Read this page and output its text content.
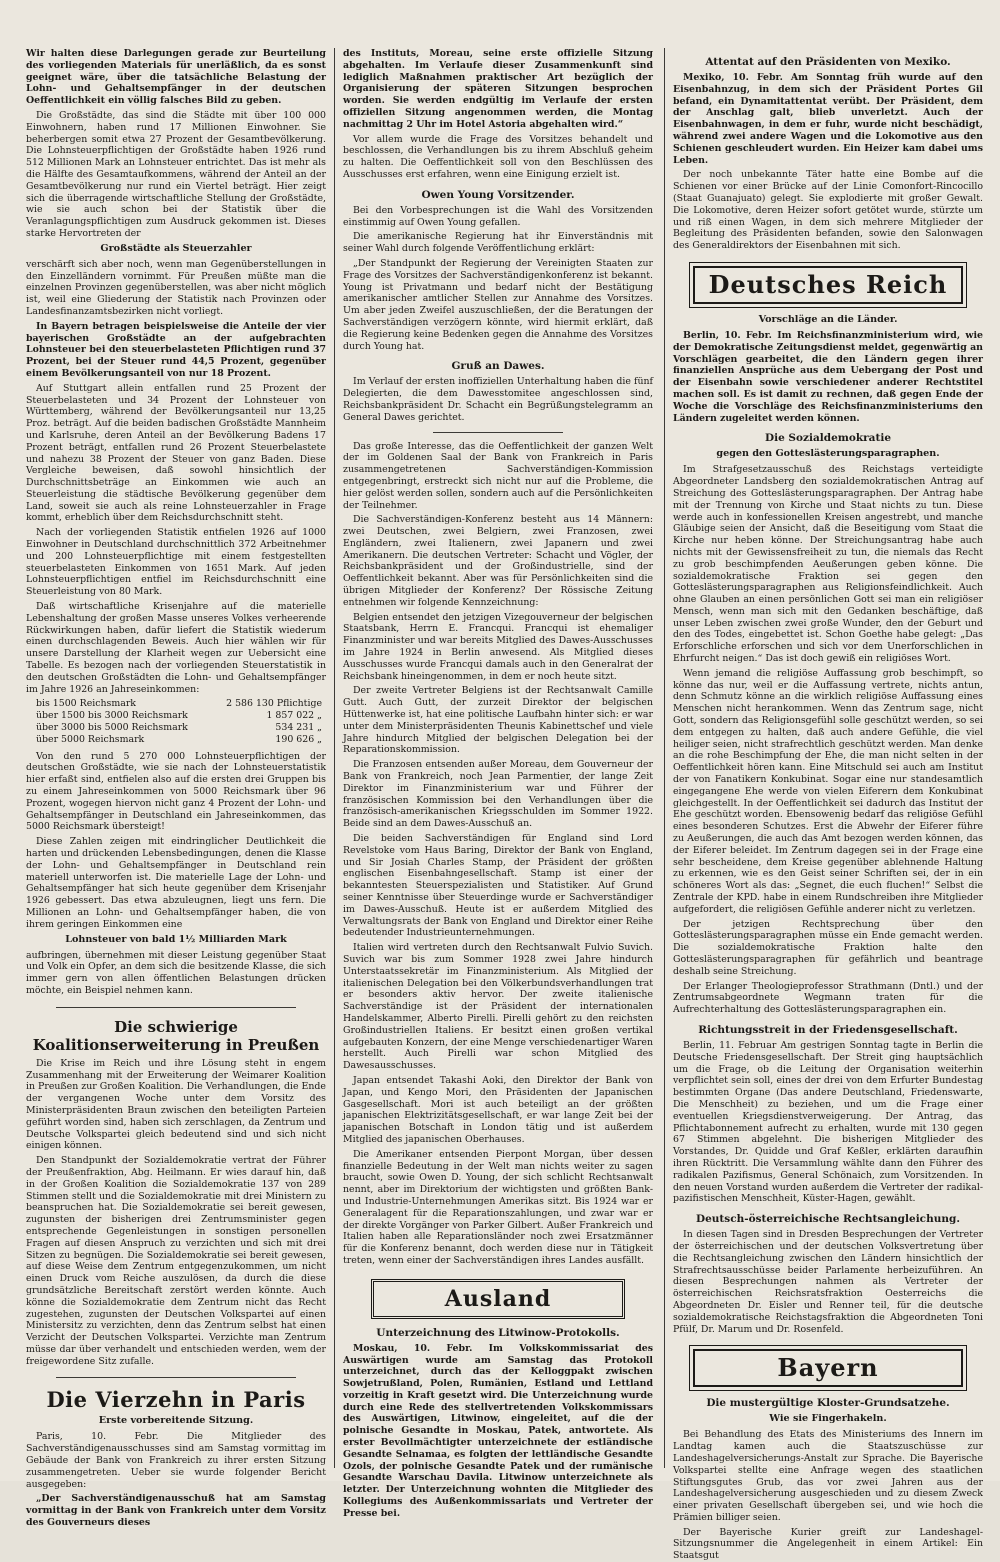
Wir halten diese Darlegungen gerade zur Beurteilung des vorliegenden Materials für unerläßlich, da es sonst geeignet wäre, über die tatsächliche Belastung der Lohn- und Gehaltsempfänger in der deutschen Oeffentlichkeit ein völlig falsches Bild zu geben.

Die Großstädte, das sind die Städte mit über 100 000 Einwohnern, haben rund 17 Millionen Einwohner. Sie beherbergen somit etwa 27 Prozent der Gesamtbevölkerung. Die Lohnsteuerpflichtigen der Großstädte haben 1926 rund 512 Millionen Mark an Lohnsteuer entrichtet. Das ist mehr als die Hälfte des Gesamtaufkommens, während der Anteil an der Gesamtbevölkerung nur rund ein Viertel beträgt. Hier zeigt sich die überragende wirtschaftliche Stellung der Großstädte, wie sie auch schon bei der Statistik über die Veranlagungspflichtigen zum Ausdruck gekommen ist. Dieses starke Hervortreten der

Großstädte als Steuerzahler

verschärft sich aber noch, wenn man Gegenüberstellungen in den Einzelländern vornimmt. Für Preußen müßte man die einzelnen Provinzen gegenüberstellen, was aber nicht möglich ist, weil eine Gliederung der Statistik nach Provinzen oder Landesfinanzamtsbezirken nicht vorliegt.

In Bayern betragen beispielsweise die Anteile der vier bayerischen Großstädte an der aufgebrachten Lohnsteuer bei den steuerbelasteten Pflichtigen rund 37 Prozent, bei der Steuer rund 44,5 Prozent, gegenüber einem Bevölkerungsanteil von nur 18 Prozent.

Auf Stuttgart allein entfallen rund 25 Prozent der Steuerbelasteten und 34 Prozent der Lohnsteuer von Württemberg, während der Bevölkerungsanteil nur 13,25 Proz. beträgt. Auf die beiden badischen Großstädte Mannheim und Karlsruhe, deren Anteil an der Bevölkerung Badens 17 Prozent beträgt, entfallen rund 26 Prozent Steuerbelastete und nahezu 38 Prozent der Steuer von ganz Baden. Diese Vergleiche beweisen, daß sowohl hinsichtlich der Durchschnittsbeträge an Einkommen wie auch an Steuerleistung die städtische Bevölkerung gegenüber dem Land, soweit sie auch als reine Lohnsteuerzahler in Frage kommt, erheblich über dem Reichsdurchschnitt steht.

Nach der vorliegenden Statistik entfielen 1926 auf 1000 Einwohner in Deutschland durchschnittlich 372 Arbeitnehmer und 200 Lohnsteuerpflichtige mit einem festgestellten steuerbelasteten Einkommen von 1651 Mark. Auf jeden Lohnsteuerpflichtigen entfiel im Reichsdurchschnitt eine Steuerleistung von 80 Mark.

Daß wirtschaftliche Krisenjahre auf die materielle Lebenshaltung der großen Masse unseres Volkes verheerende Rückwirkungen haben, dafür liefert die Statistik wiederum einen durchschlagenden Beweis. Auch hier wählen wir für unsere Darstellung der Klarheit wegen zur Uebersicht eine Tabelle. Es bezogen nach der vorliegenden Steuerstatistik in den deutschen Großstädten die Lohn- und Gehaltsempfänger im Jahre 1926 an Jahreseinkommen:

bis 1500 Reichsmark	2 586 130 Pflichtige
über 1500 bis 3000 Reichsmark	1 857 022 „
über 3000 bis 5000 Reichsmark	534 231 „
über 5000 Reichsmark	190 626 „

Von den rund 5 270 000 Lohnsteuerpflichtigen der deutschen Großstädte, wie sie nach der Lohnsteuerstatistik hier erfaßt sind, entfielen also auf die ersten drei Gruppen bis zu einem Jahreseinkommen von 5000 Reichsmark über 96 Prozent, wogegen hiervon nicht ganz 4 Prozent der Lohn- und Gehaltsempfänger in Deutschland ein Jahreseinkommen, das 5000 Reichsmark übersteigt!

Diese Zahlen zeigen mit eindringlicher Deutlichkeit die harten und drückenden Lebensbedingungen, denen die Klasse der Lohn- und Gehaltsempfänger in Deutschland rein materiell unterworfen ist. Die materielle Lage der Lohn- und Gehaltsempfänger hat sich heute gegenüber dem Krisenjahr 1926 gebessert. Das etwa abzuleugnen, liegt uns fern. Die Millionen an Lohn- und Gehaltsempfänger haben, die von ihrem geringen Einkommen eine

Lohnsteuer von bald 1½ Milliarden Mark

aufbringen, übernehmen mit dieser Leistung gegenüber Staat und Volk ein Opfer, an dem sich die besitzende Klasse, die sich immer gern von allen öffentlichen Belastungen drücken möchte, ein Beispiel nehmen kann.

Die schwierige Koalitionserweiterung in Preußen

Die Krise im Reich und ihre Lösung steht in engem Zusammenhang mit der Erweiterung der Weimarer Koalition in Preußen zur Großen Koalition. Die Verhandlungen, die Ende der vergangenen Woche unter dem Vorsitz des Ministerpräsidenten Braun zwischen den beteiligten Parteien geführt worden sind, haben sich zerschlagen, da Zentrum und Deutsche Volkspartei gleich bedeutend sind und sich nicht einigen können.

Den Standpunkt der Sozialdemokratie vertrat der Führer der Preußenfraktion, Abg. Heilmann. Er wies darauf hin, daß in der Großen Koalition die Sozialdemokratie 137 von 289 Stimmen stellt und die Sozialdemokratie mit drei Ministern zu beanspruchen hat. Die Sozialdemokratie sei bereit gewesen, zugunsten der bisherigen drei Zentrumsminister gegen entsprechende Gegenleistungen in sonstigen personellen Fragen auf diesen Anspruch zu verzichten und sich mit drei Sitzen zu begnügen. Die Sozialdemokratie sei bereit gewesen, auf diese Weise dem Zentrum entgegenzukommen, um nicht einen Druck vom Reiche auszulösen, da durch die diese grundsätzliche Bereitschaft zerstört werden könnte. Auch könne die Sozialdemokratie dem Zentrum nicht das Recht zugestehen, zugunsten der Deutschen Volkspartei auf einen Ministersitz zu verzichten, denn das Zentrum selbst hat einen Verzicht der Deutschen Volkspartei. Verzichte man Zentrum müsse dar über verhandelt und entschieden werden, wem der freigewordene Sitz zufalle.

Die Vierzehn in Paris
Erste vorbereitende Sitzung.

Paris, 10. Febr. Die Mitglieder des Sachverständigenausschusses sind am Samstag vormittag im Gebäude der Bank von Frankreich zu ihrer ersten Sitzung zusammengetreten. Ueber sie wurde folgender Bericht ausgegeben:

„Der Sachverständigenausschuß hat am Samstag vormittag in der Bank von Frankreich unter dem Vorsitz des Gouverneurs dieses

des Instituts, Moreau, seine erste offizielle Sitzung abgehalten. Im Verlaufe dieser Zusammenkunft sind lediglich Maßnahmen praktischer Art bezüglich der Organisierung der späteren Sitzungen besprochen worden. Sie werden endgültig im Verlaufe der ersten offiziellen Sitzung angenommen werden, die Montag nachmittag 2 Uhr im Hotel Astoria abgehalten wird.“

Vor allem wurde die Frage des Vorsitzes behandelt und beschlossen, die Verhandlungen bis zu ihrem Abschluß geheim zu halten. Die Oeffentlichkeit soll von den Beschlüssen des Ausschusses erst erfahren, wenn eine Einigung erzielt ist.

Owen Young Vorsitzender.

Bei den Vorbesprechungen ist die Wahl des Vorsitzenden einstimmig auf Owen Young gefallen.

Die amerikanische Regierung hat ihr Einverständnis mit seiner Wahl durch folgende Veröffentlichung erklärt:

„Der Standpunkt der Regierung der Vereinigten Staaten zur Frage des Vorsitzes der Sachverständigenkonferenz ist bekannt. Young ist Privatmann und bedarf nicht der Bestätigung amerikanischer amtlicher Stellen zur Annahme des Vorsitzes. Um aber jeden Zweifel auszuschließen, der die Beratungen der Sachverständigen verzögern könnte, wird hiermit erklärt, daß die Regierung keine Bedenken gegen die Annahme des Vorsitzes durch Young hat.

Gruß an Dawes.

Im Verlauf der ersten inoffiziellen Unterhaltung haben die fünf Delegierten, die dem Dawesstomitee angeschlossen sind, Reichsbankpräsident Dr. Schacht ein Begrüßungstelegramm an General Dawes gerichtet.

Das große Interesse, das die Oeffentlichkeit der ganzen Welt der im Goldenen Saal der Bank von Frankreich in Paris zusammengetretenen Sachverständigen-Kommission entgegenbringt, erstreckt sich nicht nur auf die Probleme, die hier gelöst werden sollen, sondern auch auf die Persönlichkeiten der Teilnehmer.

Die Sachverständigen-Konferenz besteht aus 14 Männern: zwei Deutschen, zwei Belgiern, zwei Franzosen, zwei Engländern, zwei Italienern, zwei Japanern und zwei Amerikanern. Die deutschen Vertreter: Schacht und Vögler, der Reichsbankpräsident und der Großindustrielle, sind der Oeffentlichkeit bekannt. Aber was für Persönlichkeiten sind die übrigen Mitglieder der Konferenz? Der Rössische Zeitung entnehmen wir folgende Kennzeichnung:

Belgien entsendet den jetzigen Vizegouverneur der belgischen Staatsbank, Herrn E. Francqui. Francqui ist ehemaliger Finanzminister und war bereits Mitglied des Dawes-Ausschusses im Jahre 1924 in Berlin anwesend. Als Mitglied dieses Ausschusses wurde Francqui damals auch in den Generalrat der Reichsbank hineingenommen, in dem er noch heute sitzt.

Der zweite Vertreter Belgiens ist der Rechtsanwalt Camille Gutt. Auch Gutt, der zurzeit Direktor der belgischen Hüttenwerke ist, hat eine politische Laufbahn hinter sich: er war unter dem Ministerpräsidenten Theunis Kabinettschef und viele Jahre hindurch Mitglied der belgischen Delegation bei der Reparationskommission.

Die Franzosen entsenden außer Moreau, dem Gouverneur der Bank von Frankreich, noch Jean Parmentier, der lange Zeit Direktor im Finanzministerium war und Führer der französischen Kommission bei den Verhandlungen über die französisch-amerikanischen Kriegsschulden im Sommer 1922. Beide sind an dem Dawes-Ausschuß an.

Die beiden Sachverständigen für England sind Lord Revelstoke vom Haus Baring, Direktor der Bank von England, und Sir Josiah Charles Stamp, der Präsident der größten englischen Eisenbahngesellschaft. Stamp ist einer der bekanntesten Steuerspezialisten und Statistiker. Auf Grund seiner Kenntnisse über Steuerdinge wurde er Sachverständiger im Dawes-Ausschuß. Heute ist er außerdem Mitglied des Verwaltungsrats der Bank von England und Direktor einer Reihe bedeutender Industrieunternehmungen.

Italien wird vertreten durch den Rechtsanwalt Fulvio Suvich. Suvich war bis zum Sommer 1928 zwei Jahre hindurch Unterstaatssekretär im Finanzministerium. Als Mitglied der italienischen Delegation bei den Völkerbundsverhandlungen trat er besonders aktiv hervor. Der zweite italienische Sachverständige ist der Präsident der internationalen Handelskammer, Alberto Pirelli. Pirelli gehört zu den reichsten Großindustriellen Italiens. Er besitzt einen großen vertikal aufgebauten Konzern, der eine Menge verschiedenartiger Waren herstellt. Auch Pirelli war schon Mitglied des Dawesausschusses.

Japan entsendet Takashi Aoki, den Direktor der Bank von Japan, und Kengo Mori, den Präsidenten der Japanischen Gasgesellschaft. Mori ist auch beteiligt an der größten japanischen Elektrizitätsgesellschaft, er war lange Zeit bei der japanischen Botschaft in London tätig und ist außerdem Mitglied des japanischen Oberhauses.

Die Amerikaner entsenden Pierpont Morgan, über dessen finanzielle Bedeutung in der Welt man nichts weiter zu sagen braucht, sowie Owen D. Young, der sich schlicht Rechtsanwalt nennt, aber im Direktorium der wichtigsten und größten Bank- und Industrie-Unternehmungen Amerikas sitzt. Bis 1924 war er Generalagent für die Reparationszahlungen, und zwar war er der direkte Vorgänger von Parker Gilbert. Außer Frankreich und Italien haben alle Reparationsländer noch zwei Ersatzmänner für die Konferenz benannt, doch werden diese nur in Tätigkeit treten, wenn einer der Sachverständigen ihres Landes ausfällt.

Ausland
Unterzeichnung des Litwinow-Protokolls.

Moskau, 10. Febr. Im Volkskommissariat des Auswärtigen wurde am Samstag das Protokoll unterzeichnet, durch das der Kelloggpakt zwischen Sowjetrußland, Polen, Rumänien, Estland und Lettland vorzeitig in Kraft gesetzt wird. Die Unterzeichnung wurde durch eine Rede des stellvertretenden Volkskommissars des Auswärtigen, Litwinow, eingeleitet, auf die der polnische Gesandte in Moskau, Patek, antwortete. Als erster Bevollmächtigter unterzeichnete der estländische Gesandte Selnamaa, es folgten der lettländische Gesandte Ozols, der polnische Gesandte Patek und der rumänische Gesandte Warschau Davila. Litwinow unterzeichnete als letzter. Der Unterzeichnung wohnten die Mitglieder des Kollegiums des Außenkommissariats und Vertreter der Presse bei.

Attentat auf den Präsidenten von Mexiko.

Mexiko, 10. Febr. Am Sonntag früh wurde auf den Eisenbahnzug, in dem sich der Präsident Portes Gil befand, ein Dynamitattentat verübt. Der Präsident, dem der Anschlag galt, blieb unverletzt. Auch der Eisenbahnwagen, in dem er fuhr, wurde nicht beschädigt, während zwei andere Wagen und die Lokomotive aus den Schienen geschleudert wurden. Ein Heizer kam dabei ums Leben.

Der noch unbekannte Täter hatte eine Bombe auf die Schienen vor einer Brücke auf der Linie Comonfort-Rincocillo (Staat Guanajuato) gelegt. Sie explodierte mit großer Gewalt. Die Lokomotive, deren Heizer sofort getötet wurde, stürzte um und riß einen Wagen, in dem sich mehrere Mitglieder der Begleitung des Präsidenten befanden, sowie den Salonwagen des Generaldirektors der Eisenbahnen mit sich.

Deutsches Reich
Vorschläge an die Länder.

Berlin, 10. Febr. Im Reichsfinanzministerium wird, wie der Demokratische Zeitungsdienst meldet, gegenwärtig an Vorschlägen gearbeitet, die den Ländern gegen ihrer finanziellen Ansprüche aus dem Uebergang der Post und der Eisenbahn sowie verschiedener anderer Rechtstitel machen soll. Es ist damit zu rechnen, daß gegen Ende der Woche die Vorschläge des Reichsfinanzministeriums den Ländern zugeleitet werden können.

Die Sozialdemokratie
gegen den Gotteslästerungsparagraphen.

Im Strafgesetzausschuß des Reichstags verteidigte Abgeordneter Landsberg den sozialdemokratischen Antrag auf Streichung des Gotteslästerungsparagraphen. Der Antrag habe mit der Trennung von Kirche und Staat nichts zu tun. Diese werde auch in konfessionellen Kreisen angestrebt, und manche Gläubige seien der Ansicht, daß die Beseitigung vom Staat die Kirche nur heben könne. Der Streichungsantrag habe auch nichts mit der Gewissensfreiheit zu tun, die niemals das Recht zu grob beschimpfenden Aeußerungen geben könne. Die sozialdemokratische Fraktion sei gegen den Gotteslästerungsparagraphen aus Religionsfeindlichkeit. Auch ohne Glauben an einen persönlichen Gott sei man ein religiöser Mensch, wenn man sich mit den Gedanken beschäftige, daß unser Leben zwischen zwei große Wunder, den der Geburt und den des Todes, eingebettet ist. Schon Goethe habe gelegt: „Das Erforschliche erforschen und sich vor dem Unerforschlichen in Ehrfurcht neigen.“ Das ist doch gewiß ein religiöses Wort.

Wenn jemand die religiöse Auffassung grob beschimpft, so könne das nur, weil er die Auffassung vertrete, nichts antun, denn Schmutz könne an die wirklich religiöse Auffassung eines Menschen nicht herankommen. Wenn das Zentrum sage, nicht Gott, sondern das Religionsgefühl solle geschützt werden, so sei dem entgegen zu halten, daß auch andere Gefühle, die viel heiliger seien, nicht strafrechtlich geschützt werden. Man denke an die rohe Beschimpfung der Ehe, die man nicht selten in der Oeffentlichkeit hören kann. Eine Mitschuld sei auch am Institut der von Fanatikern Konkubinat. Sogar eine nur standesamtlich eingegangene Ehe werde von vielen Eiferern dem Konkubinat gleichgestellt. In der Oeffentlichkeit sei dadurch das Institut der Ehe geschützt worden. Ebensowenig bedarf das religiöse Gefühl eines besonderen Schutzes. Erst die Abwehr der Eiferer führe zu Aeußerungen, die auch das Amt bezogen werden können, das der Eiferer beleidet. Im Zentrum dagegen sei in der Frage eine sehr bescheidene, dem Kreise gegenüber ablehnende Haltung zu erkennen, wie es den Geist seiner Schriften sei, der in ein schöneres Wort als das: „Segnet, die euch fluchen!“ Selbst die Zentrale der KPD. habe in einem Rundschreiben ihre Mitglieder aufgefordert, die religiösen Gefühle anderer nicht zu verletzen.

Der jetzigen Rechtsprechung über den Gotteslästerungsparagraphen müsse ein Ende gemacht werden. Die sozialdemokratische Fraktion halte den Gotteslästerungsparagraphen für gefährlich und beantrage deshalb seine Streichung.

Der Erlanger Theologieprofessor Strathmann (Dntl.) und der Zentrumsabgeordnete Wegmann traten für die Aufrechterhaltung des Gotteslästerungsparagraphen ein.

Richtungsstreit in der Friedensgesellschaft.

Berlin, 11. Februar Am gestrigen Sonntag tagte in Berlin die Deutsche Friedensgesellschaft. Der Streit ging hauptsächlich um die Frage, ob die Leitung der Organisation weiterhin verpflichtet sein soll, eines der drei von dem Erfurter Bundestag bestimmten Organe (Das andere Deutschland, Friedenswarte, Die Menschheit) zu beziehen, und um die Frage einer eventuellen Kriegsdienstverweigerung. Der Antrag, das Pflichtabonnement aufrecht zu erhalten, wurde mit 130 gegen 67 Stimmen abgelehnt. Die bisherigen Mitglieder des Vorstandes, Dr. Quidde und Graf Keßler, erklärten daraufhin ihren Rücktritt. Die Versammlung wählte dann den Führer des radikalen Pazifismus, General Schönaich, zum Vorsitzenden. In den neuen Vorstand wurden außerdem die Vertreter der radikal-pazifistischen Menschheit, Küster-Hagen, gewählt.

Deutsch-österreichische Rechtsangleichung.

In diesen Tagen sind in Dresden Besprechungen der Vertreter der österreichischen und der deutschen Volksvertretung über die Rechtsangleichung zwischen den Ländern hinsichtlich der Strafrechtsausschüsse beider Parlamente herbeizuführen. An diesen Besprechungen nahmen als Vertreter der österreichischen Reichsratsfraktion Oesterreichs die Abgeordneten Dr. Eisler und Renner teil, für die deutsche sozialdemokratische Reichstagsfraktion die Abgeordneten Toni Pfülf, Dr. Marum und Dr. Rosenfeld.

Bayern
Die mustergültige Kloster-Grundsatzehe.
Wie sie Fingerhakeln.

Bei Behandlung des Etats des Ministeriums des Innern im Landtag kamen auch die Staatszuschüsse zur Landeshagelversicherungs-Anstalt zur Sprache. Die Bayerische Volkspartei stellte eine Anfrage wegen des staatlichen Stiftungsgutes Grub, das vor zwei Jahren aus der Landeshagelversicherung ausgeschieden und zu diesem Zweck einer privaten Gesellschaft übergeben sei, und wie hoch die Prämien billiger seien.

Der Bayerische Kurier greift zur Landeshagel-Sitzungsnummer die Angelegenheit in einem Artikel: Ein Staatsgut
